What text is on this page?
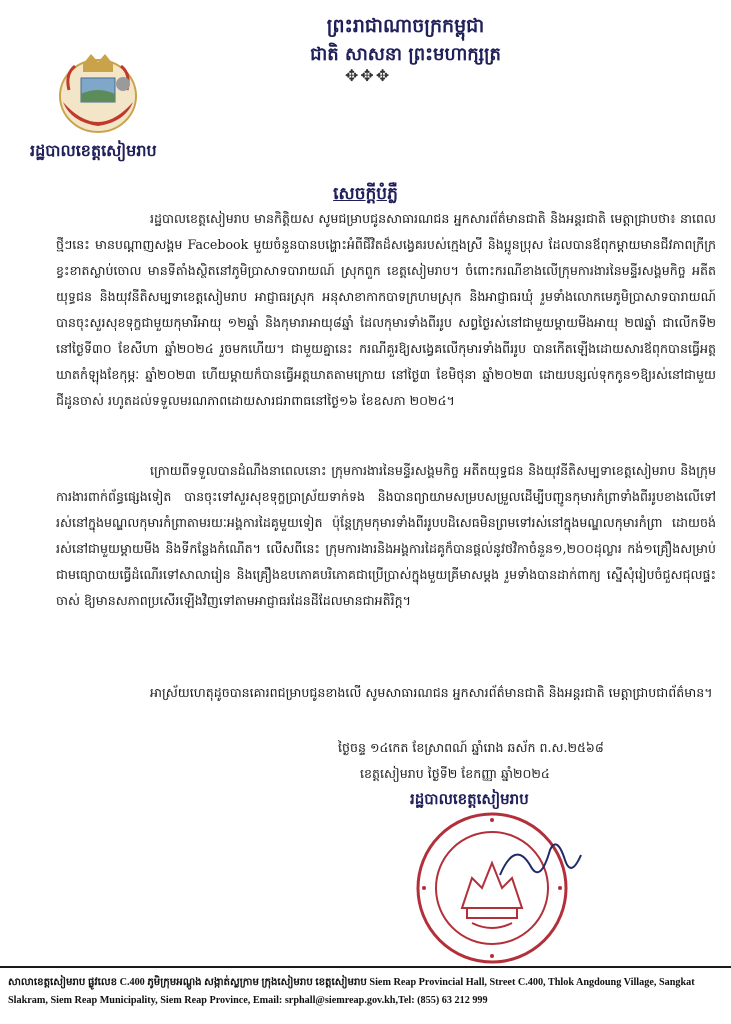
ព្រះរាជាណាចក្រកម្ពុជា
ជាតិ សាសនា ព្រះមហាក្សត្រ
✥✥✥
រដ្ឋបាលខេត្តសៀមរាប
សេចក្តីបំភ្លឺ
រដ្ឋបាលខេត្តសៀមរាប មានកិត្តិយស សូមជម្រាបជូនសាធារណជន អ្នកសារព័ត៌មានជាតិ និងអន្តរជាតិ មេត្តាជ្រាបថា៖ នាពេលថ្មីៗនេះ មានបណ្តាញសង្គម Facebook មួយចំនួនបានបង្ហោះអំពីជីវិតដ៏សង្វេគរបស់ក្មេងស្រី និងប្អូនប្រុស ដែលបានឪពុកម្តាយមានជីវភាពក្រីក្រខ្វះខាតស្លាប់ចោល មានទីតាំងស្ថិតនៅភូមិប្រាសាទបារាយណ៍ ស្រុកពួក ខេត្តសៀមរាប។ ចំពោះករណីខាងលើក្រុមការងារនៃមន្ទីរសង្គមកិច្ច អតីតយុទ្ធជន និងយុវនីតិសម្បទាខេត្តសៀមរាប អាជ្ញាធរស្រុក អនុសាខាកាកបាទក្រហមស្រុក និងអាជ្ញាធរឃុំ រួមទាំងលោកមេភូមិប្រាសាទបារាយណ៍ បានចុះសួរសុខទុក្ខជាមួយកុមារីអាយុ ១២ឆ្នាំ និងកុមារាអាយុ៨ឆ្នាំ ដែលកុមារទាំងពីររូប សព្វថ្ងៃរស់នៅជាមួយម្តាយមីងអាយុ ២៧ឆ្នាំ ជាលើកទី២ នៅថ្ងៃទី៣០ ខែសីហា ឆ្នាំ២០២៤ រួចមកហើយ។ ជាមួយគ្នានេះ ករណីគួរឱ្យសង្វេគលើកុមារទាំងពីររូប បានកើតឡើងដោយសារឪពុកបានធ្វើអត្តឃាតកំឡុងខែកុម្ភៈ ឆ្នាំ២០២៣ ហើយម្តាយក៏បានធ្វើអត្តឃាតតាមក្រោយ នៅថ្ងៃ៣ ខែមិថុនា ឆ្នាំ២០២៣ ដោយបន្សល់ទុកកូន១ឱ្យរស់នៅជាមួយជីដូនចាស់ រហូតដល់ទទួលមរណភាពដោយសារជរាពាធនៅថ្ងៃ១៦ ខែឧសភា ២០២៤។
ក្រោយពីទទួលបានដំណឹងនាពេលនោះ ក្រុមការងារនៃមន្ទីរសង្គមកិច្ច អតីតយុទ្ធជន និងយុវនីតិសម្បទាខេត្តសៀមរាប និងក្រុមការងារពាក់ព័ន្ធផ្សេងទៀត បានចុះទៅសួរសុខទុក្ខប្រាស្រ័យទាក់ទង និងបានព្យាយាមសម្របសម្រួលដើម្បីបញ្ជូនកុមារកំព្រាទាំងពីររូបខាងលើទៅរស់នៅក្នុងមណ្ឌលកុមារកំព្រាតាមរយៈអង្គការដៃគូមួយទៀត ប៉ុន្តែក្រុមកុមារទាំងពីររូបបដិសេធមិនព្រមទៅរស់នៅក្នុងមណ្ឌលកុមារកំព្រា ដោយចង់រស់នៅជាមួយម្តាយមីង និងទីកន្លែងកំណើត។ លើសពីនេះ ក្រុមការងារនិងអង្គការដៃគូក៏បានផ្តល់នូវថវិកាចំនួន១,២០០ដុល្លារ កង់១គ្រឿងសម្រាប់ជាមធ្យោបាយធ្វើដំណើរទៅសាលារៀន និងគ្រឿងឧបភោគបរិភោគជាប្រើប្រាស់ក្នុងមួយគ្រីមាសម្តង រួមទាំងបានដាក់ពាក្យ ស្នើសុំរៀបចំជួសជុលផ្ទះចាស់ ឱ្យមានសភាពប្រសើរឡើងវិញទៅតាមអាជ្ញាធរដែនដីដែលមានជាអតិរិក្ត។
អាស្រ័យហេតុដូចបានគោរពជម្រាបជូនខាងលើ សូមសាធារណជន អ្នកសារព័ត៌មានជាតិ និងអន្តរជាតិ មេត្តាជ្រាបជាព័ត៌មាន។
ថ្ងៃចន្ទ ១៤កេត ខែស្រាពណ៍ ឆ្នាំរោង ឆស័ក ព.ស.២៥៦៨
ខេត្តសៀមរាប ថ្ងៃទី២ ខែកញ្ញា ឆ្នាំ២០២៤
រដ្ឋបាលខេត្តសៀមរាប
សាលាខេត្តសៀមរាប ផ្លូវលេខ C.400 ភូមិក្រុមអណ្តូង សង្កាត់ស្លក្រាម ក្រុងសៀមរាប ខេត្តសៀមរាប Siem Reap Provincial Hall, Street C.400, Thlok Angdoung Village, Sangkat Slakram, Siem Reap Municipality, Siem Reap Province, Email: srphall@siemreap.gov.kh,Tel: (855) 63 212 999
